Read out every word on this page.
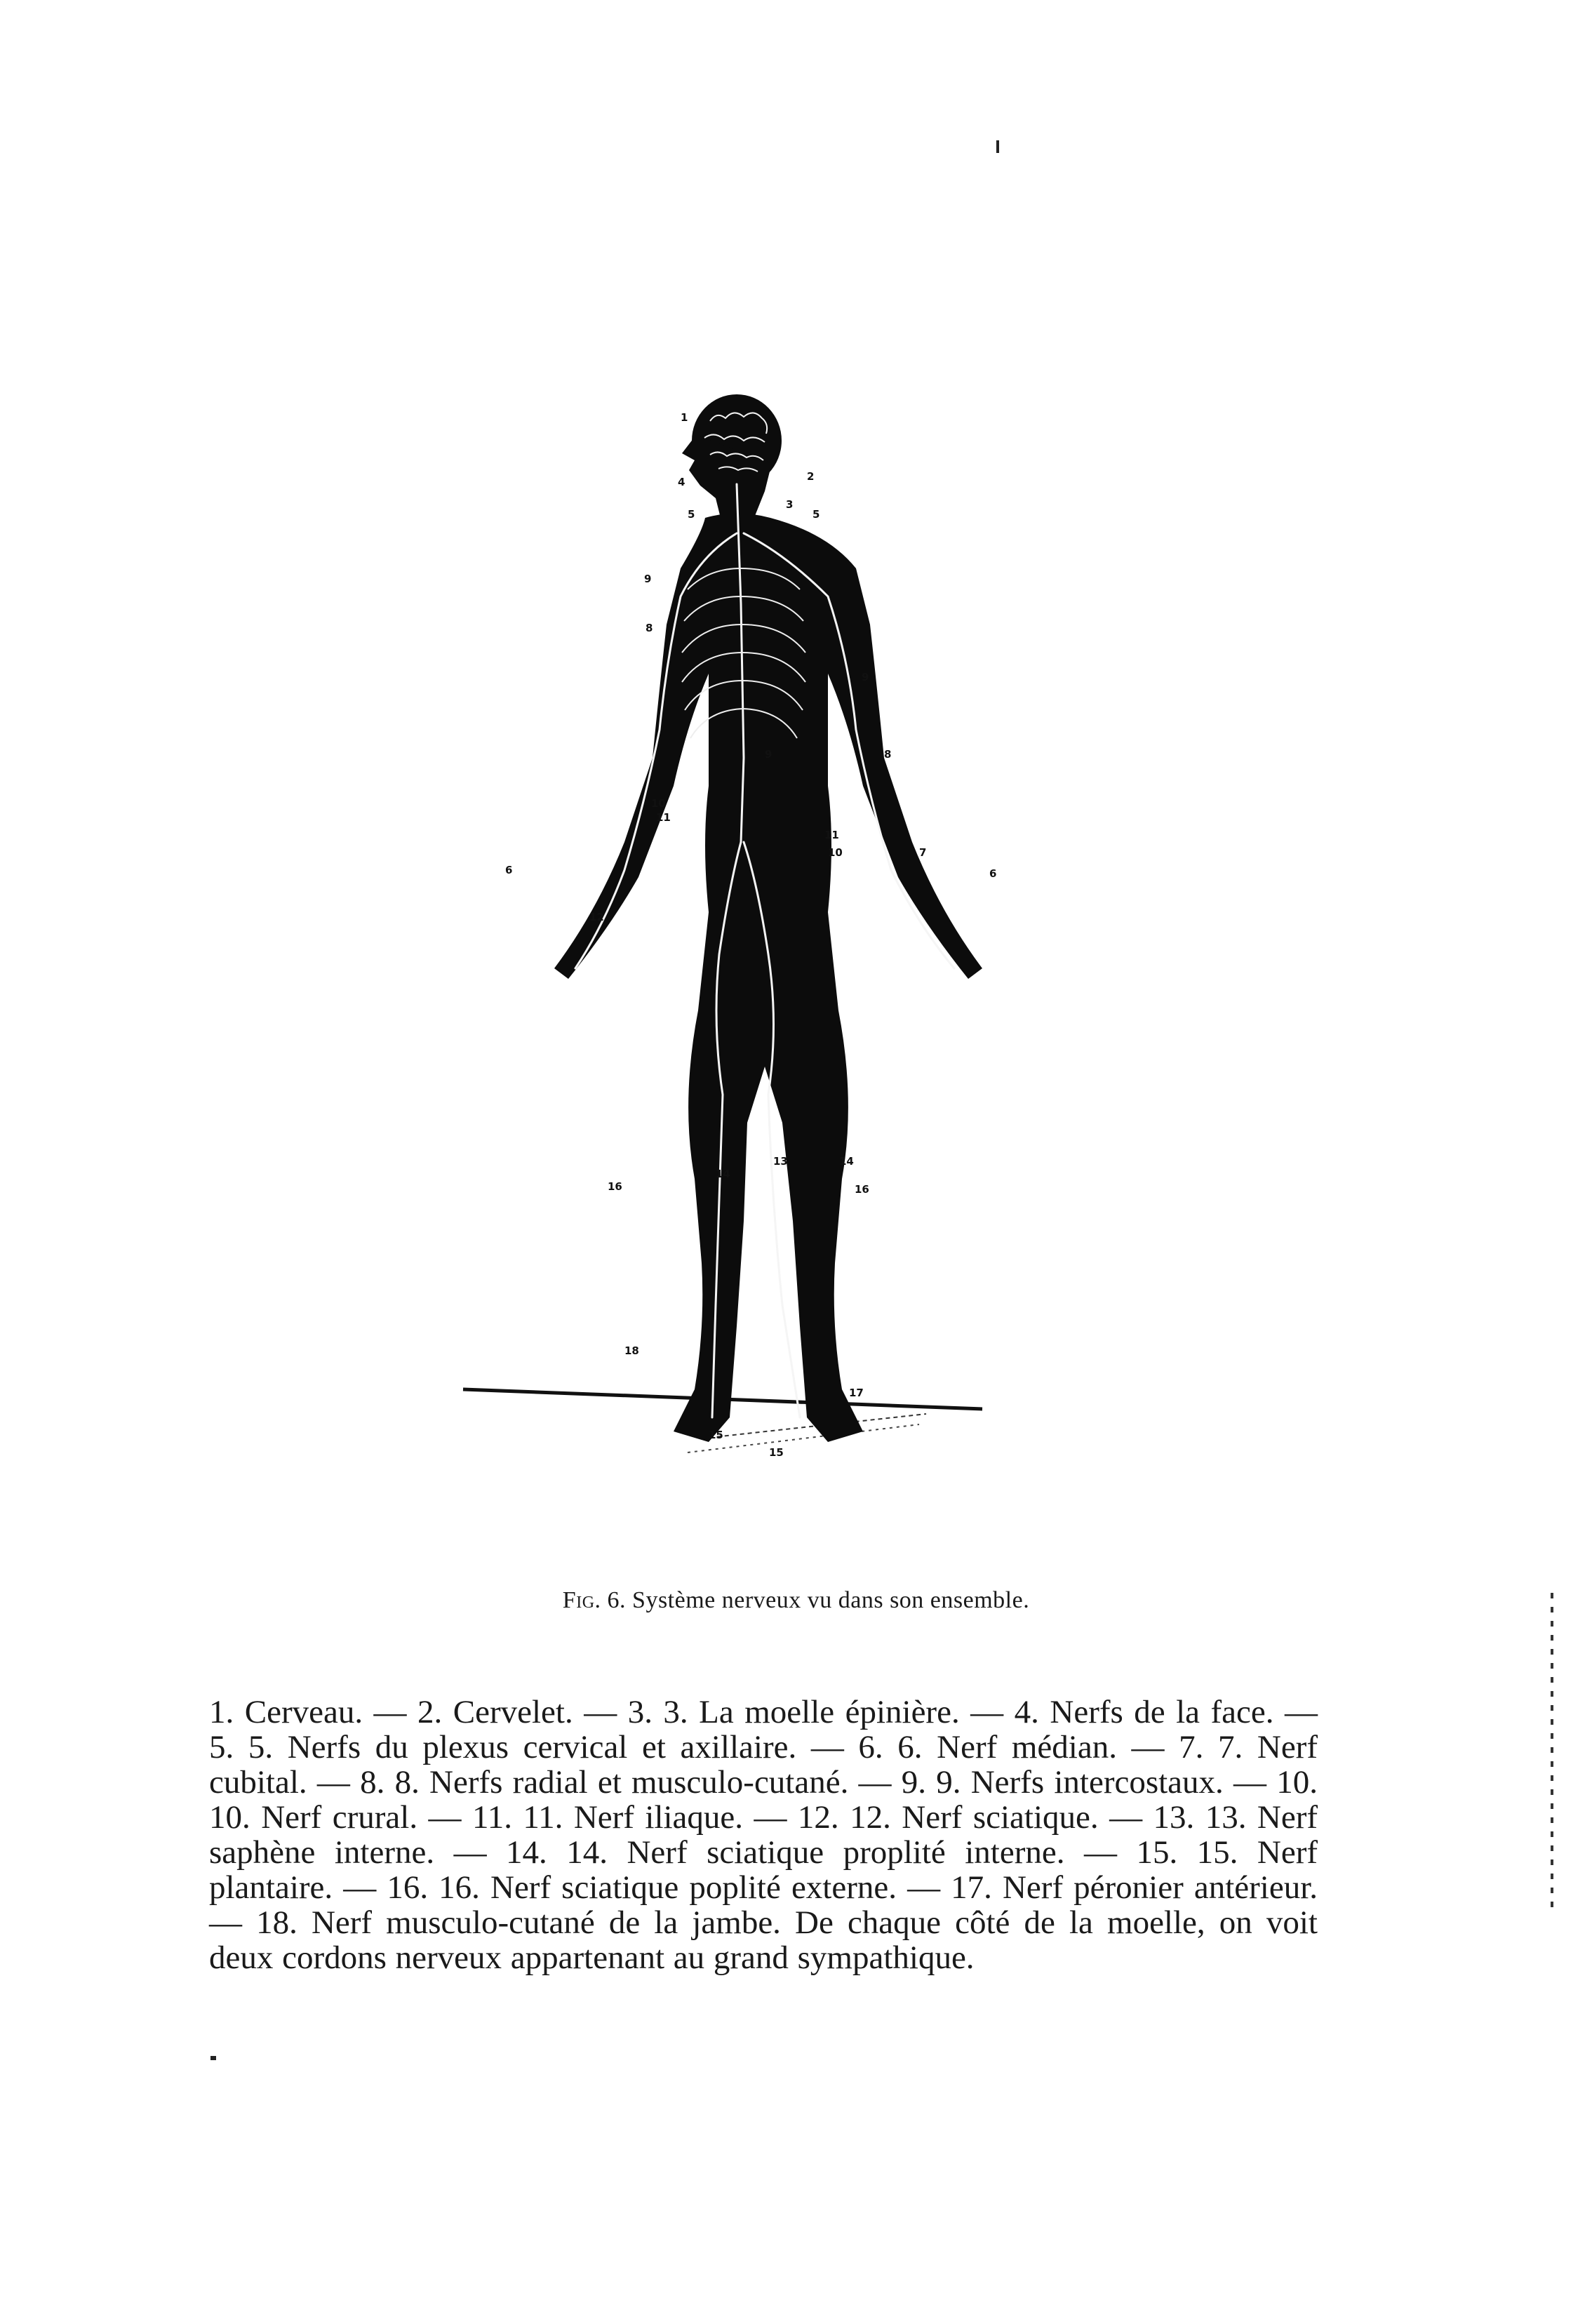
1
2
3
4
5	5
6	6
7
8
8
9
9
9
10
10
11
11
12
13
14
14
16	16
15
15
17
18
Fig. 6. Système nerveux vu dans son ensemble.
1. Cerveau. — 2. Cervelet. — 3. 3. La moelle épinière. — 4. Nerfs de la face. — 5. 5. Nerfs du plexus cervical et axillaire. — 6. 6. Nerf médian. — 7. 7. Nerf cubital. — 8. 8. Nerfs radial et musculo-cutané. — 9. 9. Nerfs intercostaux. — 10. 10. Nerf crural. — 11. 11. Nerf iliaque. — 12. 12. Nerf sciatique. — 13. 13. Nerf saphène interne. — 14. 14. Nerf sciatique proplité interne. — 15. 15. Nerf plantaire. — 16. 16. Nerf sciatique poplité externe. — 17. Nerf péronier antérieur. — 18. Nerf musculo-cutané de la jambe. De chaque côté de la moelle, on voit deux cordons nerveux appartenant au grand sympathique.
